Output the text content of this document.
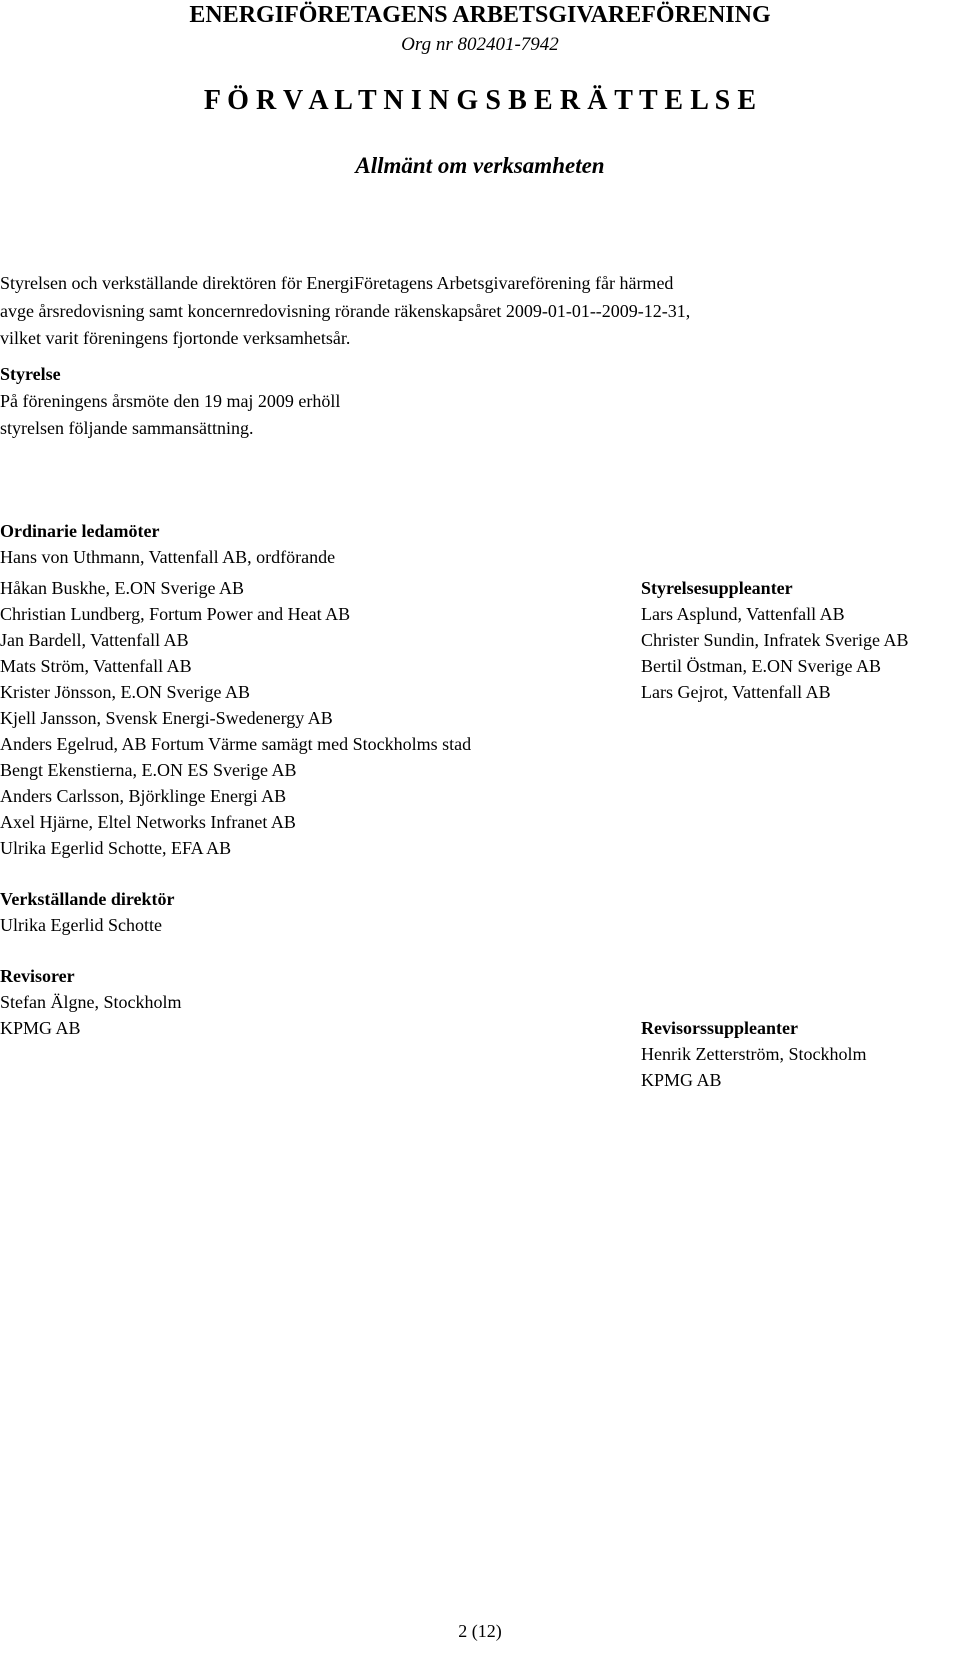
ENERGIFÖRETAGENS ARBETSGIVAREFÖRENING
Org nr 802401-7942
F Ö R V A L T N I N G S B E R Ä T T E L S E
Allmänt om verksamheten
Styrelsen och verkställande direktören för EnergiFöretagens Arbetsgivareförening får härmed
avge årsredovisning samt koncernredovisning rörande räkenskapsåret 2009-01-01--2009-12-31,
vilket varit föreningens fjortonde verksamhetsår.
Styrelse
På föreningens årsmöte den 19 maj 2009 erhöll
styrelsen följande sammansättning.
Ordinarie ledamöter
Hans von Uthmann, Vattenfall AB, ordförande
Håkan Buskhe, E.ON Sverige AB
Christian Lundberg, Fortum Power and Heat AB
Jan Bardell, Vattenfall AB
Mats Ström, Vattenfall AB
Krister Jönsson, E.ON Sverige AB
Kjell Jansson, Svensk Energi-Swedenergy AB
Anders Egelrud, AB Fortum Värme samägt med Stockholms stad
Bengt Ekenstierna, E.ON ES Sverige AB
Anders Carlsson, Björklinge Energi AB
Axel Hjärne, Eltel Networks Infranet AB
Ulrika Egerlid Schotte, EFA AB
Styrelsesuppleanter
Lars Asplund, Vattenfall AB
Christer Sundin, Infratek Sverige AB
Bertil Östman, E.ON Sverige AB
Lars Gejrot, Vattenfall AB
Verkställande direktör
Ulrika Egerlid Schotte
Revisorer
Stefan Älgne, Stockholm
KPMG AB	Revisorssuppleanter
Henrik Zetterström, Stockholm
KPMG AB
2 (12)
